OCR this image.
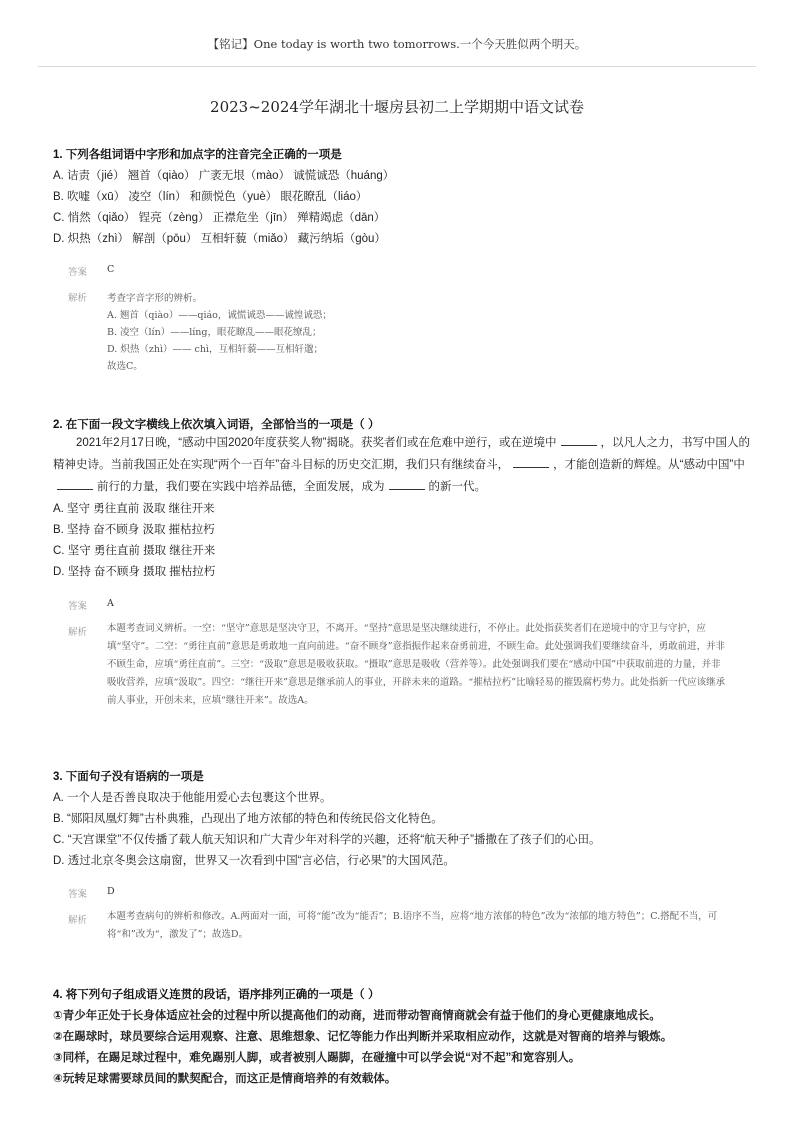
【铭记】One today is worth two tomorrows.一个今天胜似两个明天。
2023~2024学年湖北十堰房县初二上学期期中语文试卷
1. 下列各组词语中字形和加点字的注音完全正确的一项是
A. 诘责（jié） 翘首（qiào） 广袤无垠（mào） 诚慌诚恐（huáng）
B. 吹嘘（xū） 凌空（lín） 和颜悦色（yuè） 眼花瞭乱（liáo）
C. 悄然（qiǎo） 锃亮（zèng） 正襟危坐（jīn） 殚精竭虑（dān）
D. 炽热（zhì） 解剖（pōu） 互相轩藐（miǎo） 藏污纳垢（gòu）
答案 C
解析 考查字音字形的辨析。
A. 翘首（qiào）——qiáo，诚慌诚恐——诚惶诚恐；
B. 凌空（lín）——líng，眼花瞭乱——眼花缭乱；
D. 炽热（zhì）—— chì，互相轩藐——互相轩邈；
故选C。
2. 在下面一段文字横线上依次填入词语，全部恰当的一项是（ ）
2021年2月17日晚，“感动中国2020年度获奖人物”揭晓。获奖者们或在危难中逆行，或在逆境中	，以凡人之力，书写中国人的精神史诗。当前我国正处在实现“两个一百年”奋斗目标的历史交汇期，我们只有继续奋斗，	，才能创造新的辉煌。从“感动中国”中前行的力量，我们要在实践中培养品德，全面发展，成为	的新一代。
A. 坚守 勇往直前 汲取 继往开来
B. 坚持 奋不顾身 汲取 摧枯拉朽
C. 坚守 勇往直前 摄取 继往开来
D. 坚持 奋不顾身 摄取 摧枯拉朽
答案 A
解析 本题考查词义辨析。一空：“坚守”意思是坚决守卫，不离开。“坚持”意思是坚决继续进行，不停止。此处指获奖者们在逆境中的守卫与守护，应填“坚守”。二空：“勇往直前”意思是勇敢地一直向前进。“奋不顾身”意指振作起来奋勇前进，不顾生命。此处强调我们要继续奋斗，勇敢前进，并非不顾生命，应填“勇往直前”。三空：“汲取”意思是吸收获取。“摄取”意思是吸收（营养等）。此处强调我们要在“感动中国”中获取前进的力量，并非吸收营养，应填“汲取”。四空：“继往开来”意思是继承前人的事业，开辟未来的道路。“摧枯拉朽”比喻轻易的摧毁腐朽势力。此处指新一代应该继承前人事业，开创未来，应填“继往开来”。故选A。
3. 下面句子没有语病的一项是
A. 一个人是否善良取决于他能用爱心去包裹这个世界。
B. “郧阳凤凰灯舞”古朴典雅，凸现出了地方浓郁的特色和传统民俗文化特色。
C. “天宫课堂”不仅传播了载人航天知识和广大青少年对科学的兴趣，还将“航天种子”播撒在了孩子们的心田。
D. 透过北京冬奥会这扇窗，世界又一次看到中国“言必信，行必果”的大国风范。
答案 D
解析 本题考查病句的辨析和修改。A.两面对一面，可将“能”改为“能否”；B.语序不当，应将“地方浓郁的特色”改为“浓郁的地方特色”；C.搭配不当，可将“和”改为“，激发了”；故选D。
4. 将下列句子组成语义连贯的段话，语序排列正确的一项是（ ）
①青少年正处于长身体适应社会的过程中所以提高他们的动商，进而带动智商情商就会有益于他们的身心更健康地成长。
②在踢球时，球员要综合运用观察、注意、思维想象、记忆等能力作出判断并采取相应动作，这就是对智商的培养与锻炼。
③同样，在踢足球过程中，难免踢别人脚，或者被别人踢脚，在碰撞中可以学会说“对不起”和宽容别人。
④玩转足球需要球员间的默契配合，而这正是情商培养的有效载体。
